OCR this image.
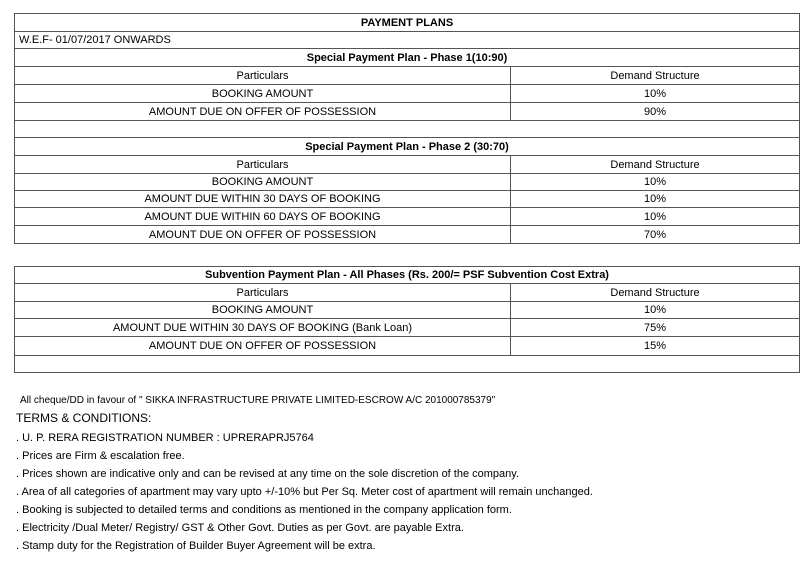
PAYMENT PLANS	
W.E.F- 01/07/2017 ONWARDS	
Special Payment Plan - Phase 1(10:90)	
Particulars	Demand Structure
BOOKING AMOUNT	10%
AMOUNT DUE ON OFFER OF POSSESSION	90%

Special Payment Plan - Phase 2 (30:70)	
Particulars	Demand Structure
BOOKING AMOUNT	10%
AMOUNT DUE WITHIN 30 DAYS OF BOOKING	10%
AMOUNT DUE WITHIN 60 DAYS OF BOOKING	10%
AMOUNT DUE ON OFFER OF POSSESSION	70%
Subvention Payment Plan - All Phases (Rs. 200/= PSF Subvention Cost Extra)	
Particulars	Demand Structure
BOOKING AMOUNT	10%
AMOUNT DUE WITHIN 30 DAYS OF BOOKING (Bank Loan)	75%
AMOUNT DUE ON OFFER OF POSSESSION	15%

All cheque/DD in favour of " SIKKA INFRASTRUCTURE PRIVATE LIMITED-ESCROW A/C 201000785379"
TERMS & CONDITIONS:
. U. P. RERA REGISTRATION NUMBER : UPRERAPRJ5764
. Prices are Firm & escalation free.
. Prices shown are indicative only and can be revised at any time on the sole discretion of the company.
. Area of all categories of apartment may vary upto +/-10% but Per Sq. Meter cost of apartment will remain unchanged.
. Booking is subjected to detailed terms and conditions as mentioned in the company application form.
. Electricity /Dual Meter/ Registry/ GST & Other Govt. Duties as per Govt. are payable Extra.
. Stamp duty for the Registration of Builder Buyer Agreement will be extra.
